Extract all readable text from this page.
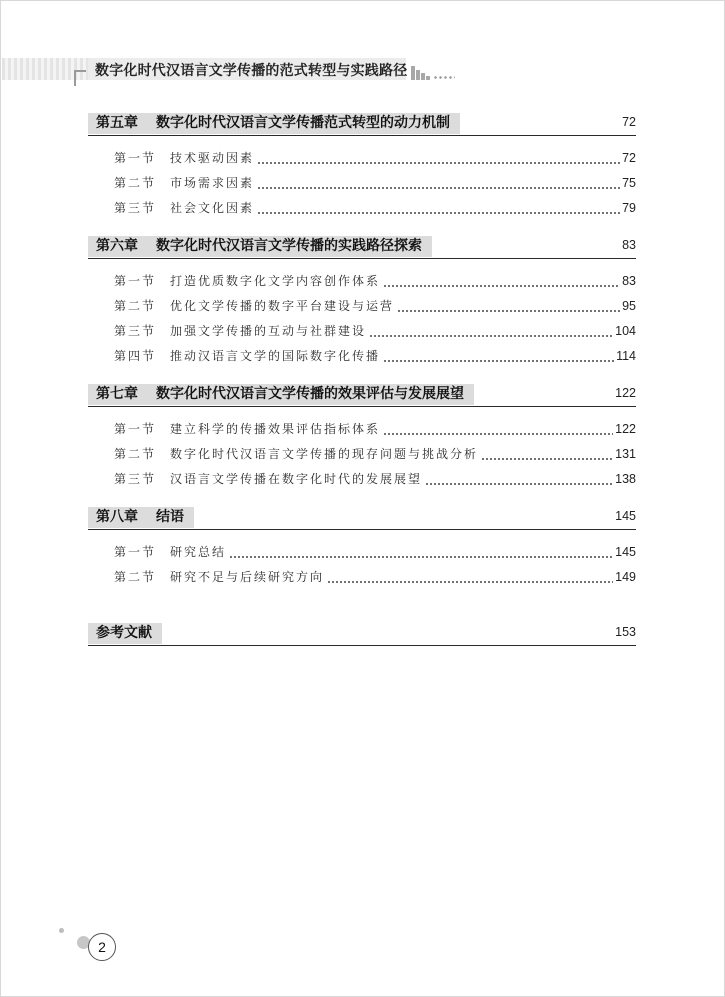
数字化时代汉语言文学传播的范式转型与实践路径
第五章 数字化时代汉语言文学传播范式转型的动力机制	72
第一节 技术驱动因素	72
第二节 市场需求因素	75
第三节 社会文化因素	79
第六章 数字化时代汉语言文学传播的实践路径探索	83
第一节 打造优质数字化文学内容创作体系	83
第二节 优化文学传播的数字平台建设与运营	95
第三节 加强文学传播的互动与社群建设	104
第四节 推动汉语言文学的国际数字化传播	114
第七章 数字化时代汉语言文学传播的效果评估与发展展望	122
第一节 建立科学的传播效果评估指标体系	122
第二节 数字化时代汉语言文学传播的现存问题与挑战分析	131
第三节 汉语言文学传播在数字化时代的发展展望	138
第八章 结语	145
第一节 研究总结	145
第二节 研究不足与后续研究方向	149
参考文献	153
2
